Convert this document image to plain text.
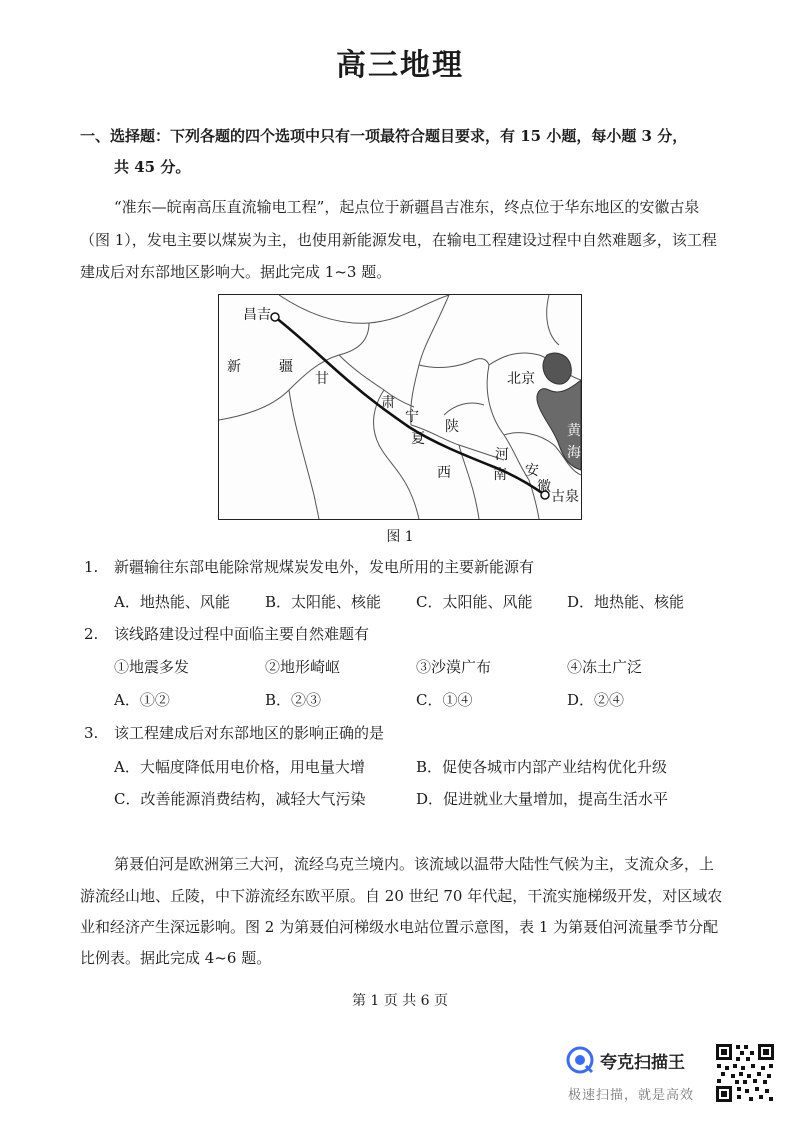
高三地理
一、选择题：下列各题的四个选项中只有一项最符合题目要求，有 15 小题，每小题 3 分，
共 45 分。
“准东—皖南高压直流输电工程”，起点位于新疆昌吉准东，终点位于华东地区的安徽古泉
（图 1），发电主要以煤炭为主，也使用新能源发电，在输电工程建设过程中自然难题多，该工程
建成后对东部地区影响大。据此完成 1~3 题。
昌吉
新	疆
甘
肃
宁
夏
陕
西
北京
河
南 安
徽
黄
海
古泉
图 1
1. 新疆输往东部电能除常规煤炭发电外，发电所用的主要新能源有
A．地热能、风能 B．太阳能、核能 C．太阳能、风能 D．地热能、核能
2. 该线路建设过程中面临主要自然难题有
①地震多发	②地形崎岖	③沙漠广布	④冻土广泛
A．①②	B．②③	C．①④	D．②④
3. 该工程建成后对东部地区的影响正确的是
A．大幅度降低用电价格，用电量大增	B．促使各城市内部产业结构优化升级
C．改善能源消费结构，减轻大气污染	D．促进就业大量增加，提高生活水平
第聂伯河是欧洲第三大河，流经乌克兰境内。该流域以温带大陆性气候为主，支流众多，上
游流经山地、丘陵，中下游流经东欧平原。自 20 世纪 70 年代起，干流实施梯级开发，对区域农
业和经济产生深远影响。图 2 为第聂伯河梯级水电站位置示意图，表 1 为第聂伯河流量季节分配
比例表。据此完成 4~6 题。
第 1 页 共 6 页
夸克扫描王
极速扫描，就是高效
